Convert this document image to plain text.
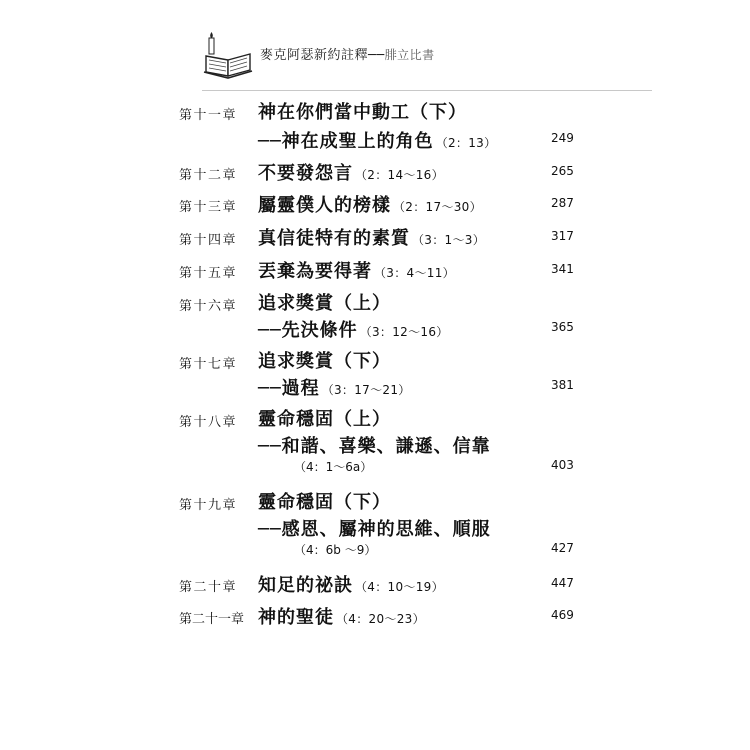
麥克阿瑟新約註釋──腓立比書
第十一章 神在你們當中動工（下）
──神在成聖上的角色 （2：13）	249
第十二章 不要發怨言 （2：14～16）	265
第十三章 屬靈僕人的榜樣 （2：17～30）	287
第十四章 真信徒特有的素質 （3：1～3）	317
第十五章 丟棄為要得著 （3：4～11）	341
第十六章 追求獎賞（上）
──先決條件 （3：12～16）	365
第十七章 追求獎賞（下）
──過程 （3：17～21）	381
第十八章 靈命穩固（上）
──和諧、喜樂、謙遜、信靠
（4：1～6a）	403
第十九章 靈命穩固（下）
──感恩、屬神的思維、順服
（4：6b ～9）	427
第二十章 知足的祕訣 （4：10～19）	447
第二十一章 神的聖徒 （4：20～23）	469
